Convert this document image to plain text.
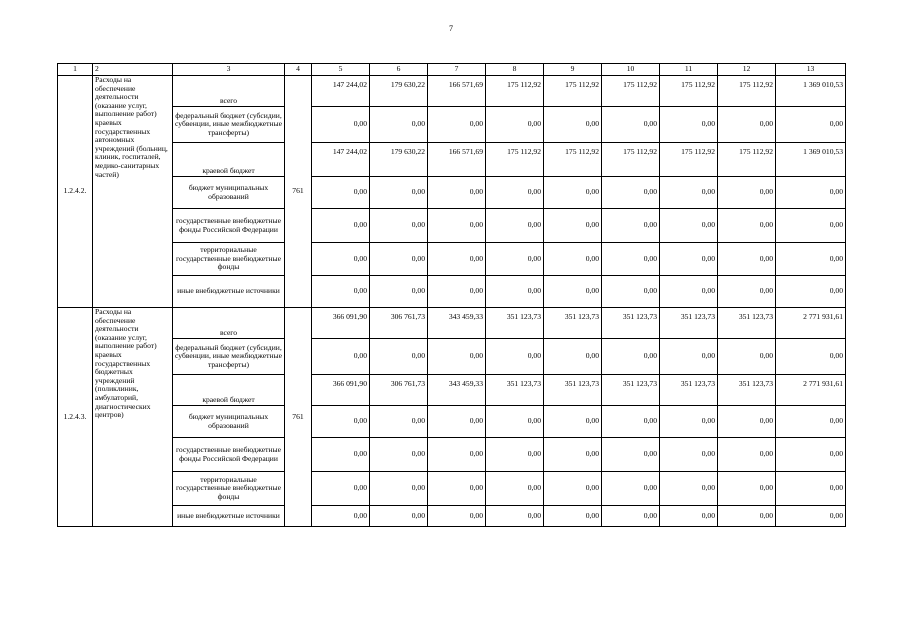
7
1	2	3	4	5	6	7	8	9	10	11	12	13
1.2.4.2.	Расходы на обеспечение деятельности (оказание услуг, выполнение работ) краевых государственных автономных учреждений (больниц, клиник, госпиталей, медико-санитарных частей)	всего	761	147 244,02	179 630,22	166 571,69	175 112,92	175 112,92	175 112,92	175 112,92	175 112,92	1 369 010,53
		федеральный бюджет (субсидии, субвенции, иные межбюджетные трансферты)		0,00	0,00	0,00	0,00	0,00	0,00	0,00	0,00	0,00
		краевой бюджет		147 244,02	179 630,22	166 571,69	175 112,92	175 112,92	175 112,92	175 112,92	175 112,92	1 369 010,53
		бюджет муниципальных образований		0,00	0,00	0,00	0,00	0,00	0,00	0,00	0,00	0,00
		государственные внебюджетные фонды Российской Федерации		0,00	0,00	0,00	0,00	0,00	0,00	0,00	0,00	0,00
		территориальные государственные внебюджетные фонды		0,00	0,00	0,00	0,00	0,00	0,00	0,00	0,00	0,00
		иные внебюджетные источники		0,00	0,00	0,00	0,00	0,00	0,00	0,00	0,00	0,00
1.2.4.3.	Расходы на обеспечение деятельности (оказание услуг, выполнение работ) краевых государственных бюджетных учреждений (поликлиник, амбулаторий, диагностических центров)	всего	761	366 091,90	306 761,73	343 459,33	351 123,73	351 123,73	351 123,73	351 123,73	351 123,73	2 771 931,61
		федеральный бюджет (субсидии, субвенции, иные межбюджетные трансферты)		0,00	0,00	0,00	0,00	0,00	0,00	0,00	0,00	0,00
		краевой бюджет		366 091,90	306 761,73	343 459,33	351 123,73	351 123,73	351 123,73	351 123,73	351 123,73	2 771 931,61
		бюджет муниципальных образований		0,00	0,00	0,00	0,00	0,00	0,00	0,00	0,00	0,00
		государственные внебюджетные фонды Российской Федерации		0,00	0,00	0,00	0,00	0,00	0,00	0,00	0,00	0,00
		территориальные государственные внебюджетные фонды		0,00	0,00	0,00	0,00	0,00	0,00	0,00	0,00	0,00
		иные внебюджетные источники		0,00	0,00	0,00	0,00	0,00	0,00	0,00	0,00	0,00
